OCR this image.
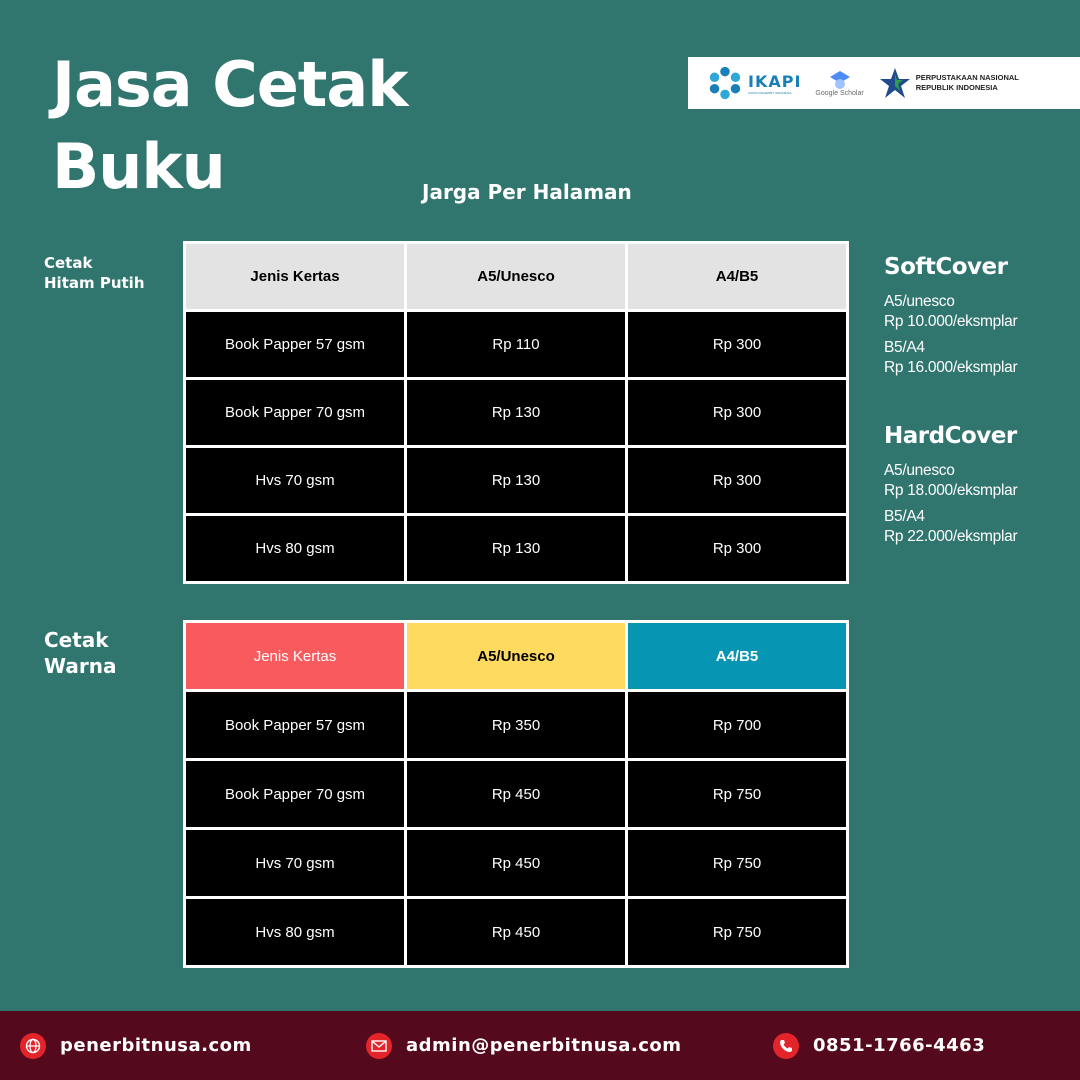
Jasa Cetak
Buku	Jarga Per Halaman
IKAPI
IKATAN PENERBIT INDONESIA	Google Scholar
PERPUSTAKAAN NASIONAL
REPUBLIK INDONESIA
Cetak
Hitam Putih	Jenis Kertas	A5/Unesco	A4/B5
Book Papper 57 gsm	Rp 110	Rp 300
Book Papper 70 gsm	Rp 130	Rp 300
Hvs 70 gsm	Rp 130	Rp 300
Hvs 80 gsm	Rp 130	Rp 300
Cetak
Warna	Jenis Kertas	A5/Unesco	A4/B5
Book Papper 57 gsm	Rp 350	Rp 700
Book Papper 70 gsm	Rp 450	Rp 750
Hvs 70 gsm	Rp 450	Rp 750
Hvs 80 gsm	Rp 450	Rp 750
SoftCover
A5/unesco
Rp 10.000/eksmplar
B5/A4
Rp 16.000/eksmplar
HardCover
A5/unesco
Rp 18.000/eksmplar
B5/A4
Rp 22.000/eksmplar
penerbitnusa.com	admin@penerbitnusa.com	0851-1766-4463
